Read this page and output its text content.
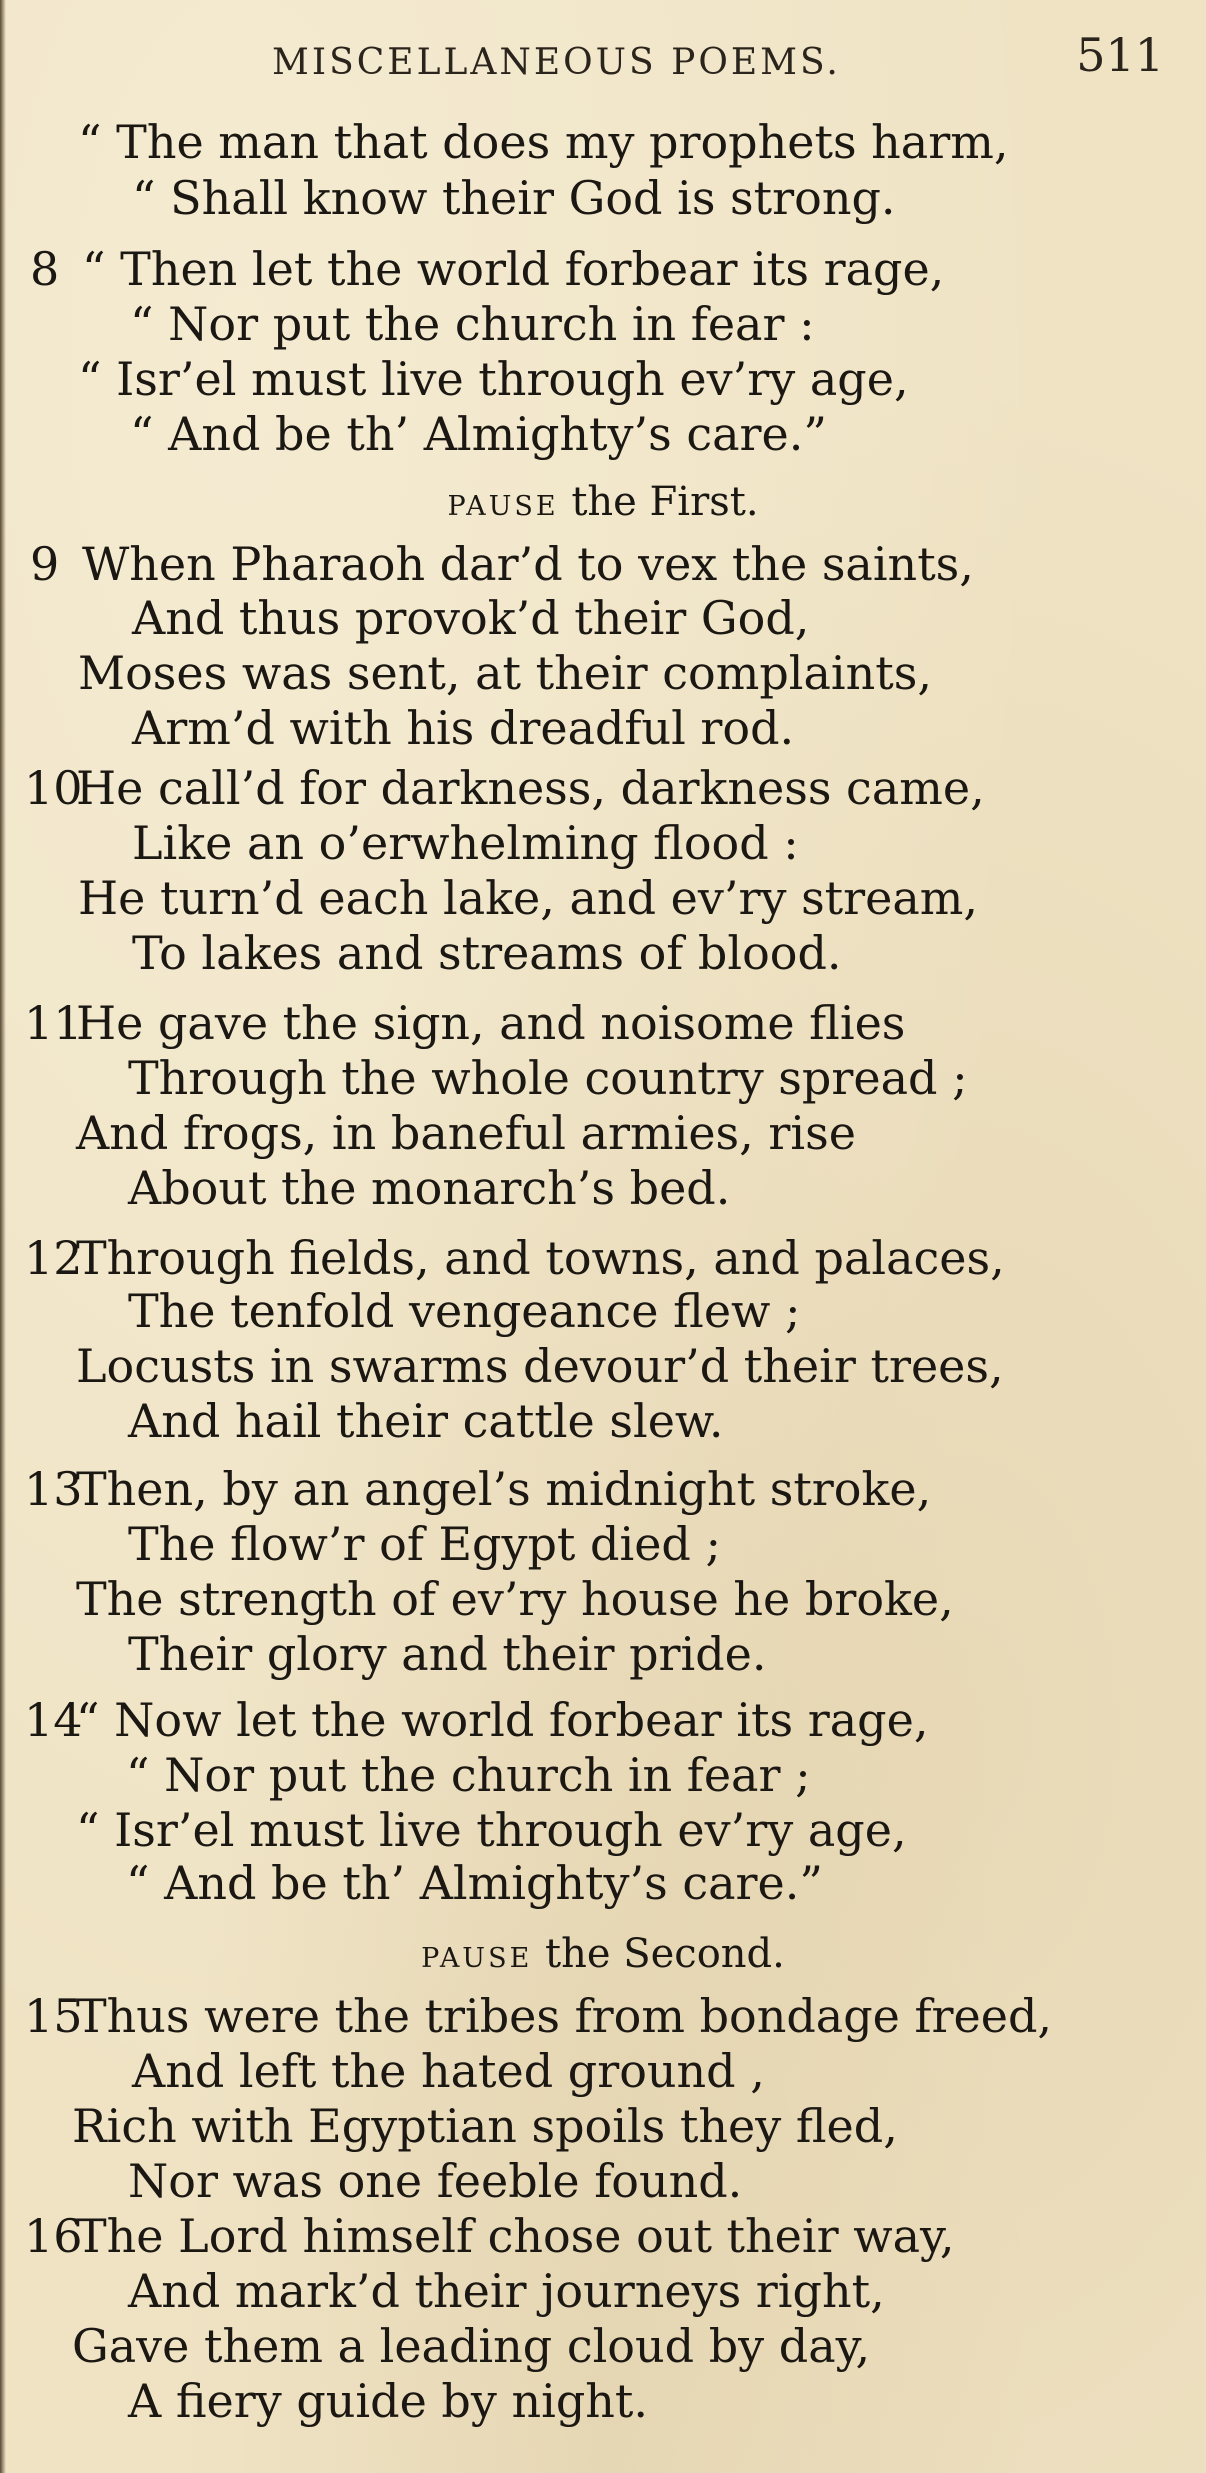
MISCELLANEOUS POEMS.	511
“ The man that does my prophets harm,
“ Shall know their God is strong.
8 “ Then let the world forbear its rage,
“ Nor put the church in fear :
“ Isr’el must live through ev’ry age,
“ And be th’ Almighty’s care.”
pause the First.
9 When Pharaoh dar’d to vex the saints,
And thus provok’d their God,
Moses was sent, at their complaints,
Arm’d with his dreadful rod.
10He call’d for darkness, darkness came,
Like an o’erwhelming flood :
He turn’d each lake, and ev’ry stream,
To lakes and streams of blood.
11He gave the sign, and noisome flies
Through the whole country spread ;
And frogs, in baneful armies, rise
About the monarch’s bed.
12Through fields, and towns, and palaces,
The tenfold vengeance flew ;
Locusts in swarms devour’d their trees,
And hail their cattle slew.
13Then, by an angel’s midnight stroke,
The flow’r of Egypt died ;
The strength of ev’ry house he broke,
Their glory and their pride.
14“ Now let the world forbear its rage,
“ Nor put the church in fear ;
“ Isr’el must live through ev’ry age,
“ And be th’ Almighty’s care.”
pause the Second.
15Thus were the tribes from bondage freed,
And left the hated ground ,
Rich with Egyptian spoils they fled,
Nor was one feeble found.
16The Lord himself chose out their way,
And mark’d their journeys right,
Gave them a leading cloud by day,
A fiery guide by night.
